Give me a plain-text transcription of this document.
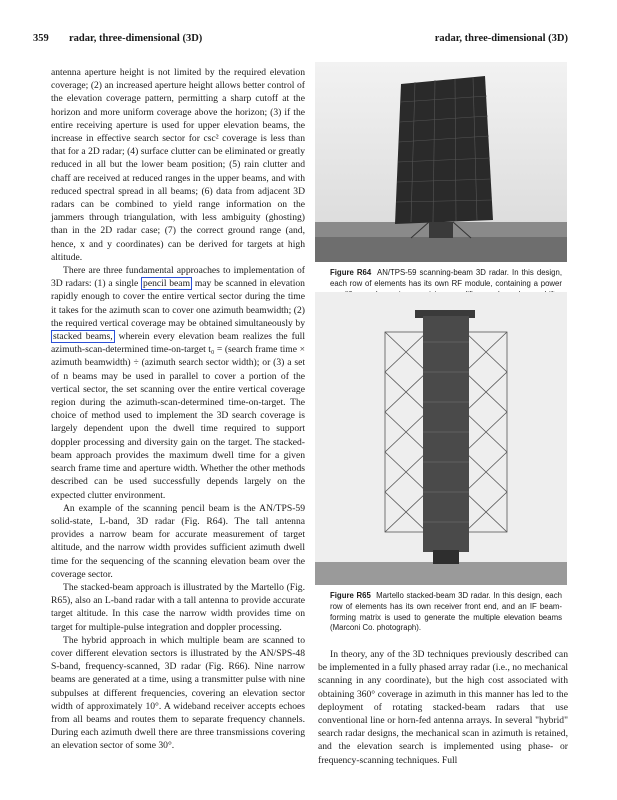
359 radar, three-dimensional (3D)	radar, three-dimensional (3D)

antenna aperture height is not limited by the required elevation coverage; (2) an increased aperture height allows better control of the elevation coverage pattern, permitting a sharp cutoff at the horizon and more uniform coverage above the horizon; (3) if the entire receiving aperture is used for upper elevation beams, the increase in effective search sector for csc² coverage is less than that for a 2D radar; (4) surface clutter can be eliminated or greatly reduced in all but the lower beam position; (5) rain clutter and chaff are received at reduced ranges in the upper beams, and with reduced spectral spread in all beams; (6) data from adjacent 3D radars can be combined to yield range information on the jammers through triangulation, with less ambiguity (ghosting) than in the 2D radar case; (7) the correct ground range (and, hence, x and y coordinates) can be derived for targets at high altitude.

There are three fundamental approaches to implementation of 3D radars: (1) a single pencil beam may be scanned in elevation rapidly enough to cover the entire vertical sector during the time it takes for the azimuth scan to cover one azimuth beamwidth; (2) the required vertical coverage may be obtained simultaneously by stacked beams, wherein every elevation beam realizes the full azimuth-scan-determined time-on-target t₀ = (search frame time × azimuth beamwidth) ÷ (azimuth search sector width); or (3) a set of n beams may be used in parallel to cover a portion of the vertical sector, the set scanning over the entire vertical coverage region during the azimuth-scan-determined time-on-target. The choice of method used to implement the 3D search coverage is largely dependent upon the dwell time required to support doppler processing and diversity gain on the target. The stacked-beam approach provides the maximum dwell time for a given search frame time and aperture width. Whether the other methods described can be used successfully depends largely on the expected clutter environment.

An example of the scanning pencil beam is the AN/TPS-59 solid-state, L-band, 3D radar (Fig. R64). The tall antenna provides a narrow beam for accurate measurement of target altitude, and the narrow width provides sufficient azimuth dwell time for the sequencing of the scanning elevation beam over the coverage sector.

The stacked-beam approach is illustrated by the Martello (Fig. R65), also an L-band radar with a tall antenna to provide accurate target altitude. In this case the narrow width provides time on target for multiple-pulse integration and doppler processing.

The hybrid approach in which multiple beam are scanned to cover different elevation sectors is illustrated by the AN/SPS-48 S-band, frequency-scanned, 3D radar (Fig. R66). Nine narrow beams are generated at a time, using a transmitter pulse with nine subpulses at different frequencies, covering an elevation sector width of approximately 10°. A wideband receiver accepts echoes from all beams and routes them to separate frequency channels. During each azimuth dwell there are three transmissions covering an elevation sector of some 30°.

Figure R64 AN/TPS-59 scanning-beam 3D radar. In this design, each row of elements has its own RF module, containing a power
Figure R65 Martello stacked-beam 3D radar. In this design, each row of elements has its own receiver front end, and an IF beam-forming matrix is used to generate the multiple elevation beams (Marconi Co. photograph).

In theory, any of the 3D techniques previously described can be implemented in a fully phased array radar (i.e., no mechanical scanning in any coordinate), but the high cost associated with obtaining 360° coverage in azimuth in this manner has led to the deployment of rotating stacked-beam radars that use conventional line or horn-fed antenna arrays. In several "hybrid" search radar designs, the mechanical scan in azimuth is retained, and the elevation search is implemented using phase- or frequency-scanning techniques. Full
